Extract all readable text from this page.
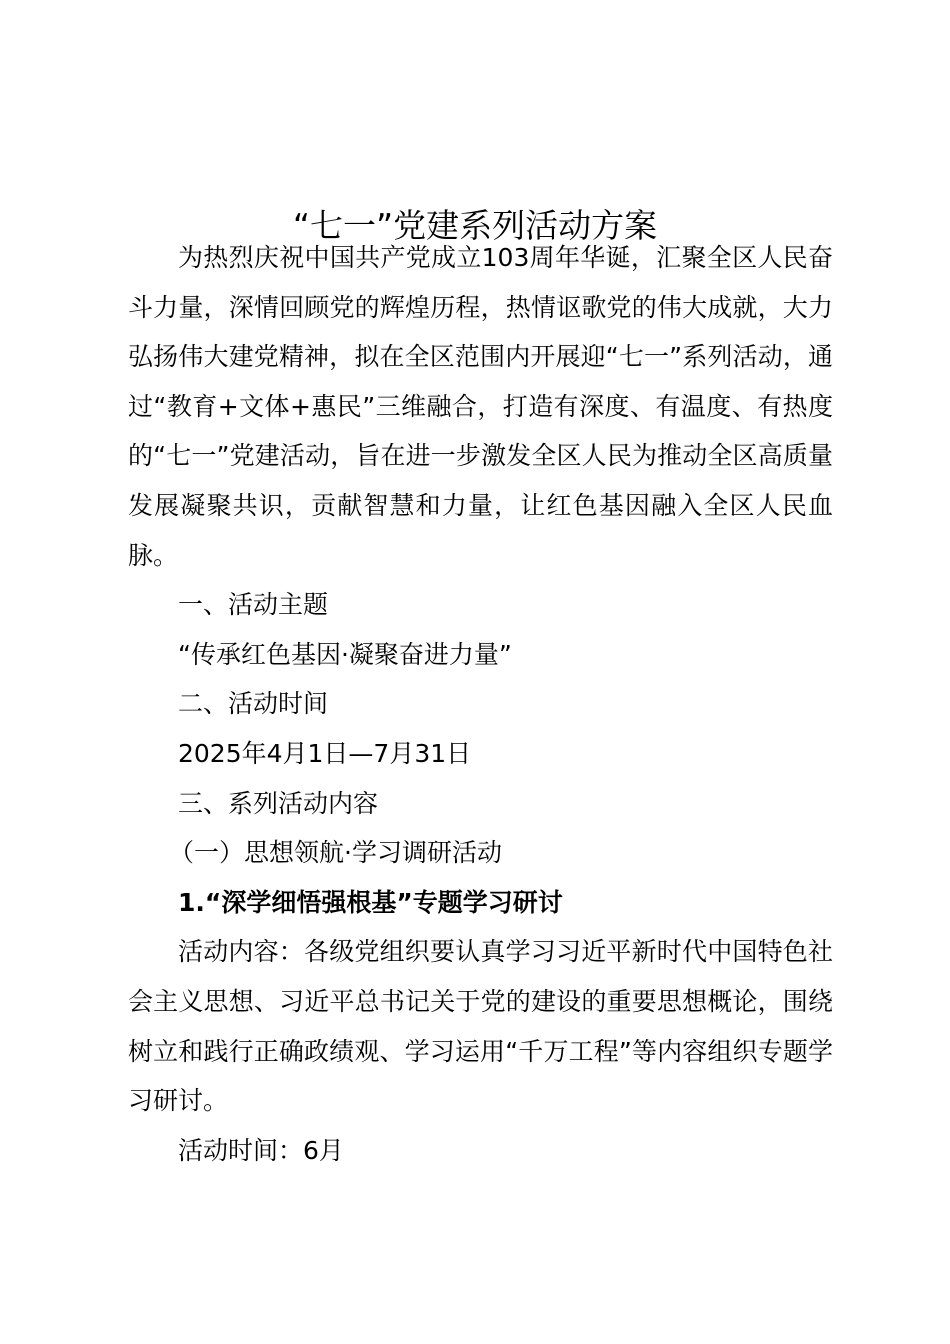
“七一”党建系列活动方案

为热烈庆祝中国共产党成立103周年华诞，汇聚全区人民奋斗力量，深情回顾党的辉煌历程，热情讴歌党的伟大成就，大力弘扬伟大建党精神，拟在全区范围内开展迎“七一”系列活动，通过“教育+文体+惠民”三维融合，打造有深度、有温度、有热度的“七一”党建活动，旨在进一步激发全区人民为推动全区高质量发展凝聚共识，贡献智慧和力量，让红色基因融入全区人民血脉。

一、活动主题

“传承红色基因·凝聚奋进力量”

二、活动时间

2025年4月1日—7月31日

三、系列活动内容

（一）思想领航·学习调研活动

1.“深学细悟强根基”专题学习研讨

活动内容：各级党组织要认真学习习近平新时代中国特色社会主义思想、习近平总书记关于党的建设的重要思想概论，围绕树立和践行正确政绩观、学习运用“千万工程”等内容组织专题学习研讨。

活动时间：6月
